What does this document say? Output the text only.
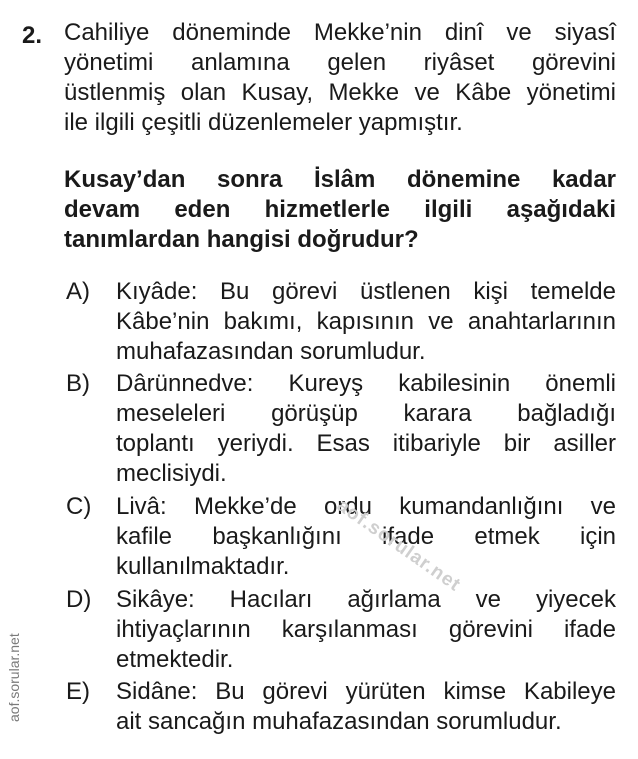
2. Cahiliye döneminde Mekke’nin dinî ve siyasî
yönetimi anlamına gelen riyâset görevini
üstlenmiş olan Kusay, Mekke ve Kâbe yönetimi
ile ilgili çeşitli düzenlemeler yapmıştır.
Kusay’dan sonra İslâm dönemine kadar
devam eden hizmetlerle ilgili aşağıdaki
tanımlardan hangisi doğrudur?
A) Kıyâde: Bu görevi üstlenen kişi temelde
Kâbe’nin bakımı, kapısının ve anahtarlarının
muhafazasından sorumludur.
B) Dârünnedve: Kureyş kabilesinin önemli
meseleleri görüşüp karara bağladığı
toplantı yeriydi. Esas itibariyle bir asiller
meclisiydi.
C) Livâ: Mekke’de ordu kumandanlığını ve
kafile başkanlığını ifade etmek için
kullanılmaktadır.
D) Sikâye: Hacıları ağırlama ve yiyecek
ihtiyaçlarının karşılanması görevini ifade
etmektedir.
E) Sidâne: Bu görevi yürüten kimse Kabileye
ait sancağın muhafazasından sorumludur.
aof.sorular.net
aof.sorular.net
